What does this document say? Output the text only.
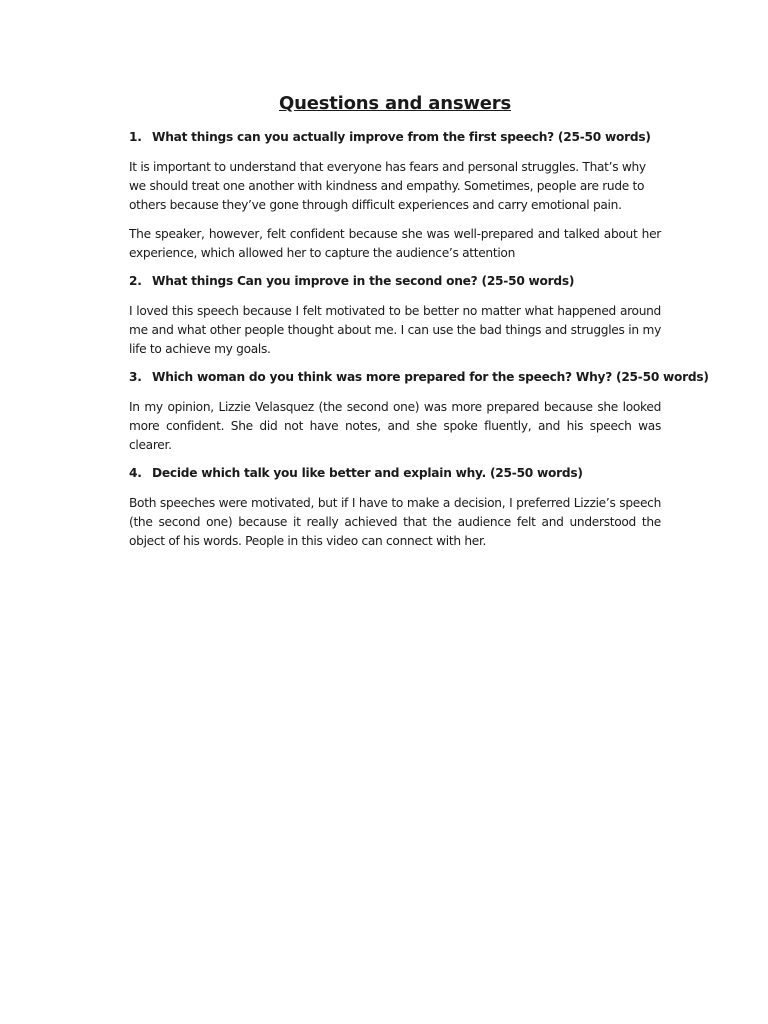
Questions and answers
1. What things can you actually improve from the first speech? (25-50 words)

It is important to understand that everyone has fears and personal struggles. That’s why we should treat one another with kindness and empathy. Sometimes, people are rude to others because they’ve gone through difficult experiences and carry emotional pain.

The speaker, however, felt confident because she was well-prepared and talked about her experience, which allowed her to capture the audience’s attention

2. What things Can you improve in the second one? (25-50 words)

I loved this speech because I felt motivated to be better no matter what happened around me and what other people thought about me. I can use the bad things and struggles in my life to achieve my goals.

3. Which woman do you think was more prepared for the speech? Why? (25-50 words)

In my opinion, Lizzie Velasquez (the second one) was more prepared because she looked more confident. She did not have notes, and she spoke fluently, and his speech was clearer.

4. Decide which talk you like better and explain why. (25-50 words)

Both speeches were motivated, but if I have to make a decision, I preferred Lizzie’s speech (the second one) because it really achieved that the audience felt and understood the object of his words. People in this video can connect with her.
